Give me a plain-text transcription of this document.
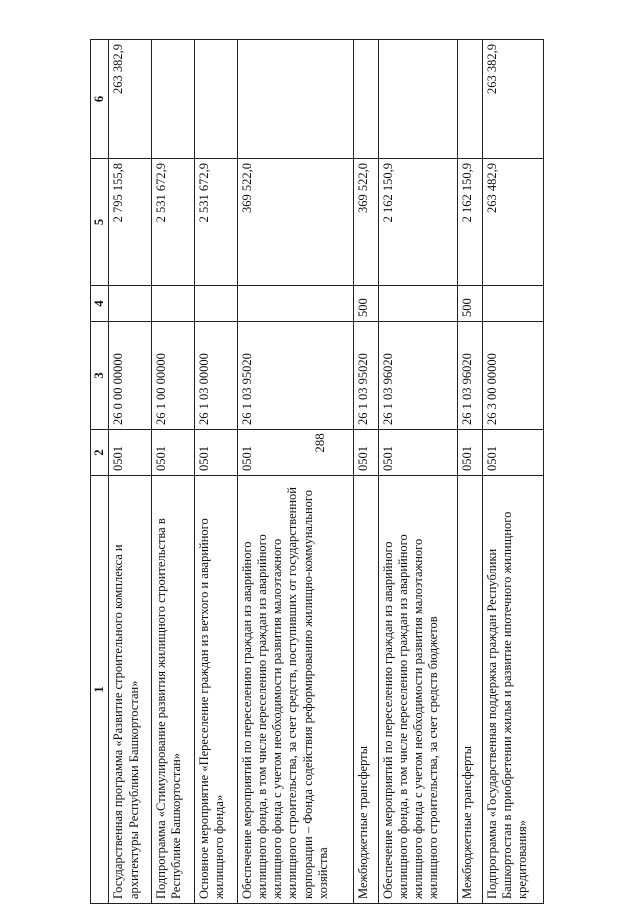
288
1	2	3	4	5	6
Государственная программа «Развитие строительного комплекса и архитектуры Республики Башкортостан»	0501	26 0 00 00000		2 795 155,8	263 382,9
Подпрограмма «Стимулирование развития жилищного строительства в Республике Башкортостан»	0501	26 1 00 00000		2 531 672,9	
Основное мероприятие «Переселение граждан из ветхого и аварийного жилищного фонда»	0501	26 1 03 00000		2 531 672,9	
Обеспечение мероприятий по переселению граждан из аварийного жилищного фонда, в том числе переселению граждан из аварийного жилищного фонда с учетом необходимости развития малоэтажного жилищного строительства, за счет средств, поступивших от государственной корпорации – Фонда содействия реформированию жилищно-коммунального хозяйства	0501	26 1 03 95020		369 522,0	
Межбюджетные трансферты	0501	26 1 03 95020	500	369 522,0	
Обеспечение мероприятий по переселению граждан из аварийного жилищного фонда, в том числе переселению граждан из аварийного жилищного фонда с учетом необходимости развития малоэтажного жилищного строительства, за счет средств бюджетов	0501	26 1 03 96020		2 162 150,9	
Межбюджетные трансферты	0501	26 1 03 96020	500	2 162 150,9	
Подпрограмма «Государственная поддержка граждан Республики Башкортостан в приобретении жилья и развитие ипотечного жилищного кредитования»	0501	26 3 00 00000		263 482,9	263 382,9
